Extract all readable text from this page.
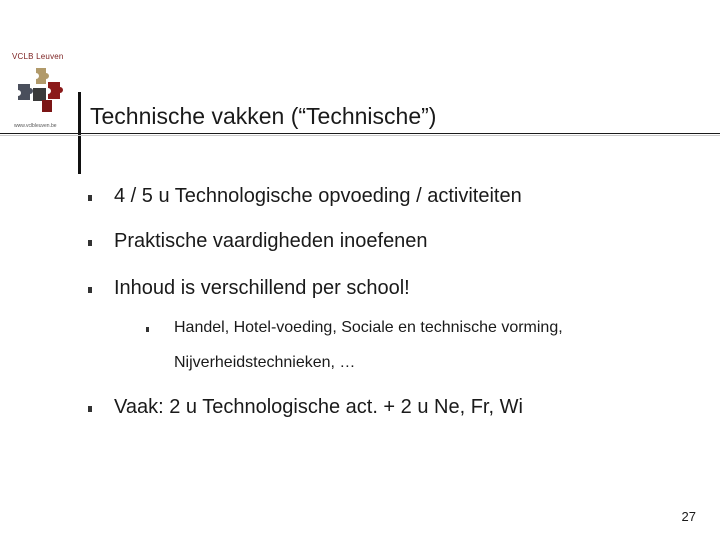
VCLB Leuven
www.vclbleuven.be Technische vakken (“Technische”)
4 / 5 u Technologische opvoeding / activiteiten
Praktische vaardigheden inoefenen
Inhoud is verschillend per school!
Handel, Hotel-voeding, Sociale en technische vorming,
Nijverheidstechnieken, …
Vaak: 2 u Technologische act. + 2 u Ne, Fr, Wi
27
